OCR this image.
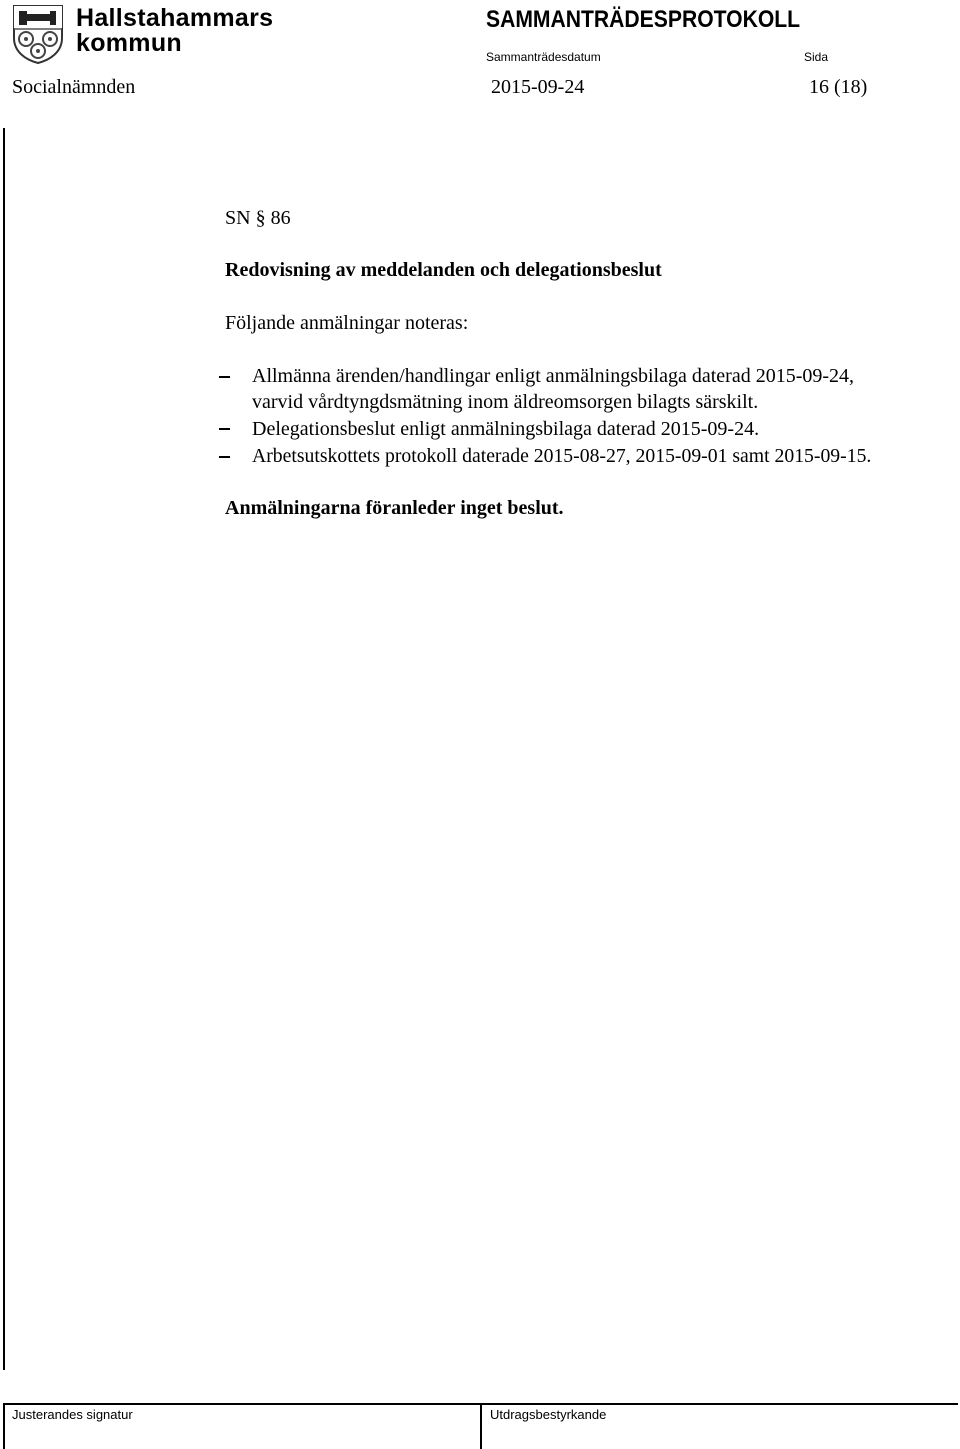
Hallstahammars
kommun
SAMMANTRÄDESPROTOKOLL
Sammanträdesdatum	Sida
Socialnämnden	2015-09-24	16 (18)
SN § 86
Redovisning av meddelanden och delegationsbeslut
Följande anmälningar noteras:
Allmänna ärenden/handlingar enligt anmälningsbilaga daterad 2015-09-24,
varvid vårdtyngdsmätning inom äldreomsorgen bilagts särskilt.
Delegationsbeslut enligt anmälningsbilaga daterad 2015-09-24.
Arbetsutskottets protokoll daterade 2015-08-27, 2015-09-01 samt 2015-09-15.
Anmälningarna föranleder inget beslut.
Justerandes signatur	Utdragsbestyrkande
